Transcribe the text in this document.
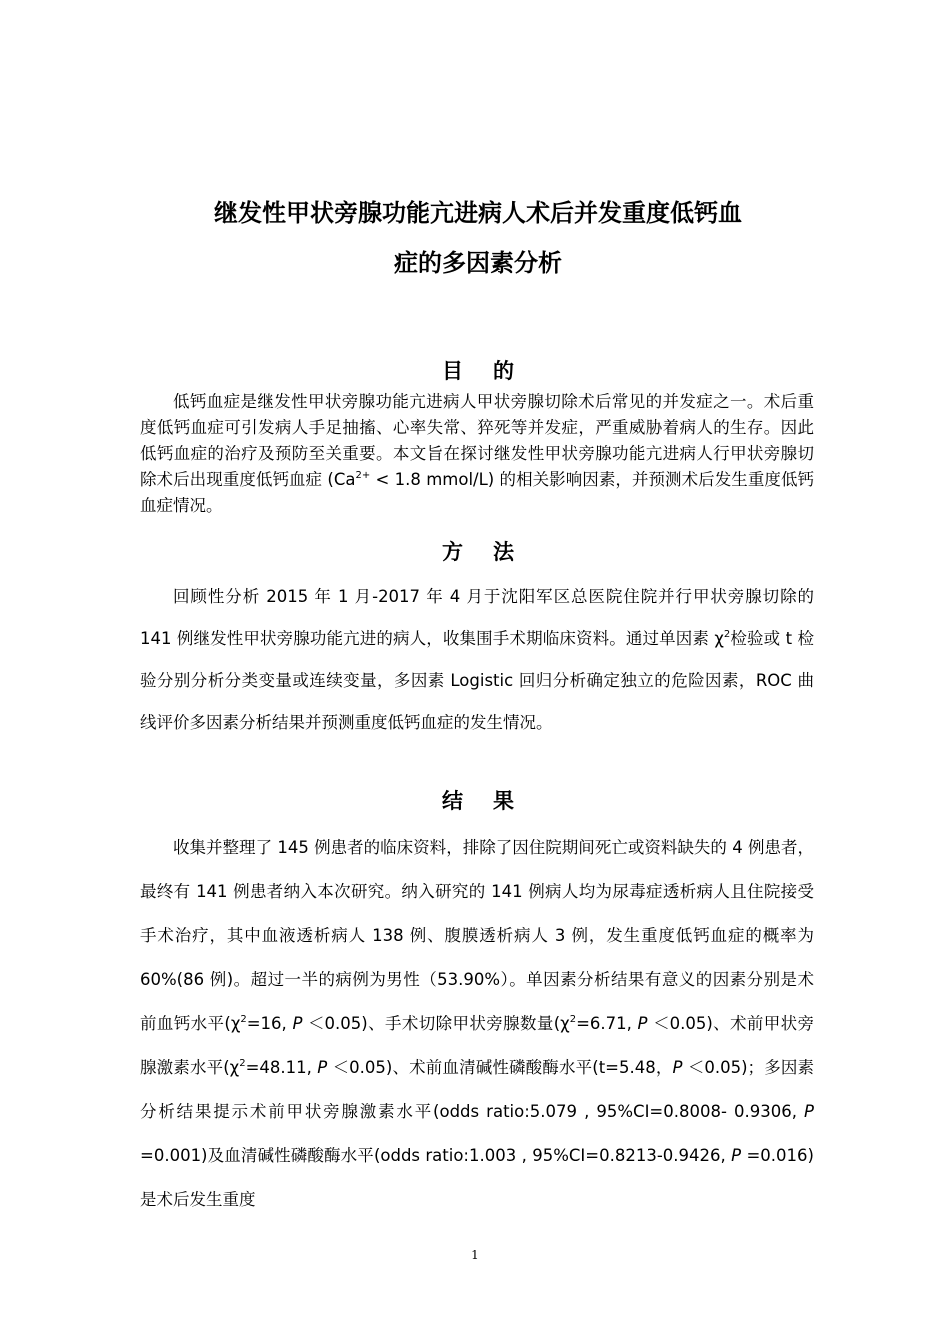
继发性甲状旁腺功能亢进病人术后并发重度低钙血
症的多因素分析
目 的

低钙血症是继发性甲状旁腺功能亢进病人甲状旁腺切除术后常见的并发症之一。术后重度低钙血症可引发病人手足抽搐、心率失常、猝死等并发症，严重威胁着病人的生存。因此低钙血症的治疗及预防至关重要。本文旨在探讨继发性甲状旁腺功能亢进病人行甲状旁腺切除术后出现重度低钙血症 ($Ca^{2+} < 1.8$ mmol/L) 的相关影响因素，并预测术后发生重度低钙血症情况。

方 法

回顾性分析 2015 年 1 月-2017 年 4 月于沈阳军区总医院住院并行甲状旁腺切除的 141 例继发性甲状旁腺功能亢进的病人，收集围手术期临床资料。通过单因素 $\chi^2$检验或 t 检验分别分析分类变量或连续变量，多因素 Logistic 回归分析确定独立的危险因素，ROC 曲线评价多因素分析结果并预测重度低钙血症的发生情况。

结 果

收集并整理了 145 例患者的临床资料，排除了因住院期间死亡或资料缺失的 4 例患者，最终有 141 例患者纳入本次研究。纳入研究的 141 例病人均为尿毒症透析病人且住院接受手术治疗，其中血液透析病人 138 例、腹膜透析病人 3 例，发生重度低钙血症的概率为 60%(86 例)。超过一半的病例为男性（53.90%）。单因素分析结果有意义的因素分别是术前血钙水平($\chi^2=16$, P ＜0.05)、手术切除甲状旁腺数量($\chi^2=6.71$, P ＜0.05)、术前甲状旁腺激素水平($\chi^2=48.11$, P ＜0.05)、术前血清碱性磷酸酶水平(t=5.48，P ＜0.05)；多因素分析结果提示术前甲状旁腺激素水平(odds ratio:5.079 , 95%CI=0.8008- 0.9306, P =0.001)及血清碱性磷酸酶水平(odds ratio:1.003 , 95%CI=0.8213-0.9426, P =0.016)是术后发生重度

1
